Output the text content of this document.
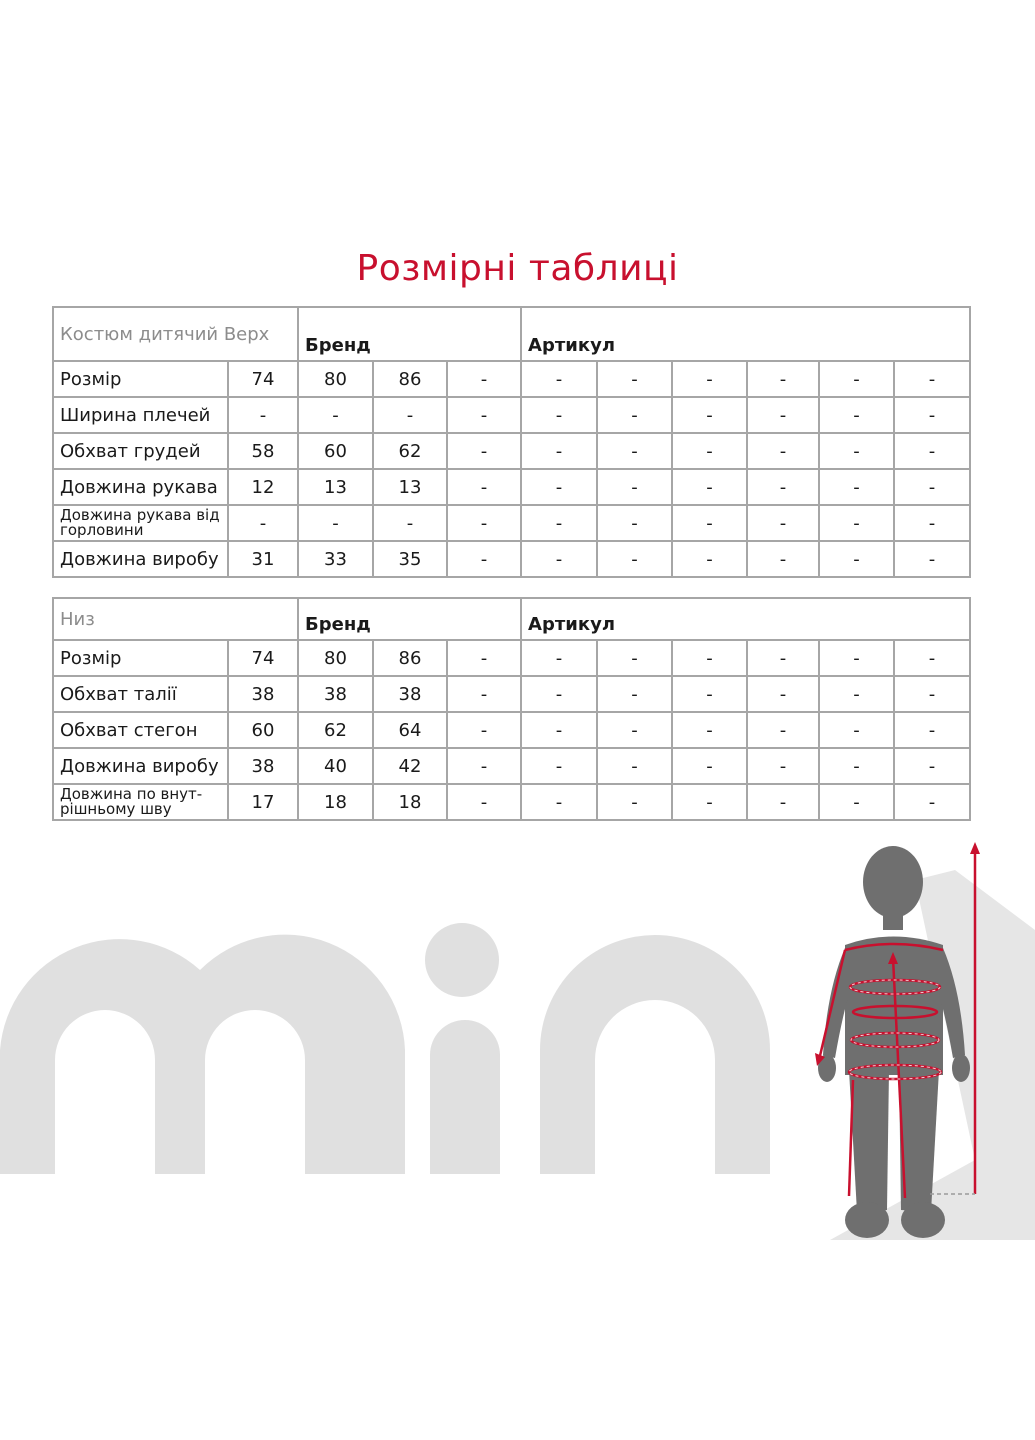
Розмірні таблиці
Костюм дитячий Верх		Бренд			Артикул					
Розмір	74	80	86	-	-	-	-	-	-	-
Ширина плечей	-	-	-	-	-	-	-	-	-	-
Обхват грудей	58	60	62	-	-	-	-	-	-	-
Довжина рукава	12	13	13	-	-	-	-	-	-	-
Довжина рукава від горловини	-	-	-	-	-	-	-	-	-	-
Довжина виробу	31	33	35	-	-	-	-	-	-	-
Низ		Бренд			Артикул					
Розмір	74	80	86	-	-	-	-	-	-	-
Обхват талії	38	38	38	-	-	-	-	-	-	-
Обхват стегон	60	62	64	-	-	-	-	-	-	-
Довжина виробу	38	40	42	-	-	-	-	-	-	-
Довжина по внут-рішньому шву	17	18	18	-	-	-	-	-	-	-
